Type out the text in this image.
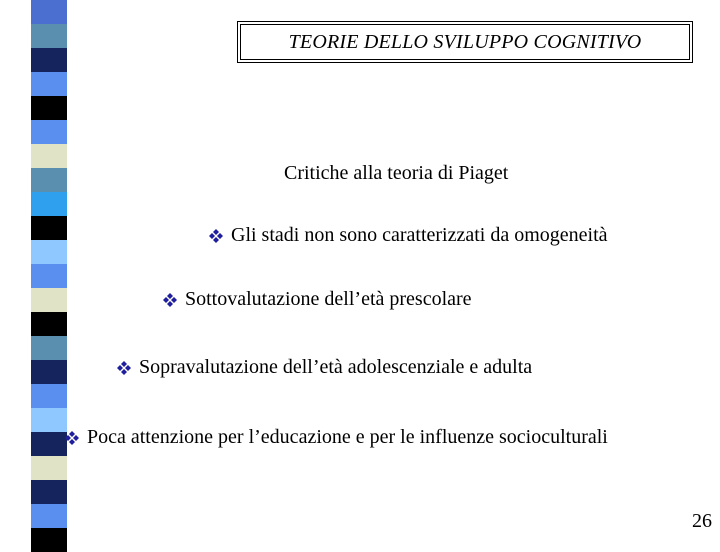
TEORIE DELLO SVILUPPO COGNITIVO
Critiche alla teoria di Piaget
Gli stadi non sono caratterizzati da omogeneità
Sottovalutazione dell’età prescolare
Sopravalutazione dell’età adolescenziale e adulta
Poca attenzione per l’educazione e per le influenze socioculturali
26
